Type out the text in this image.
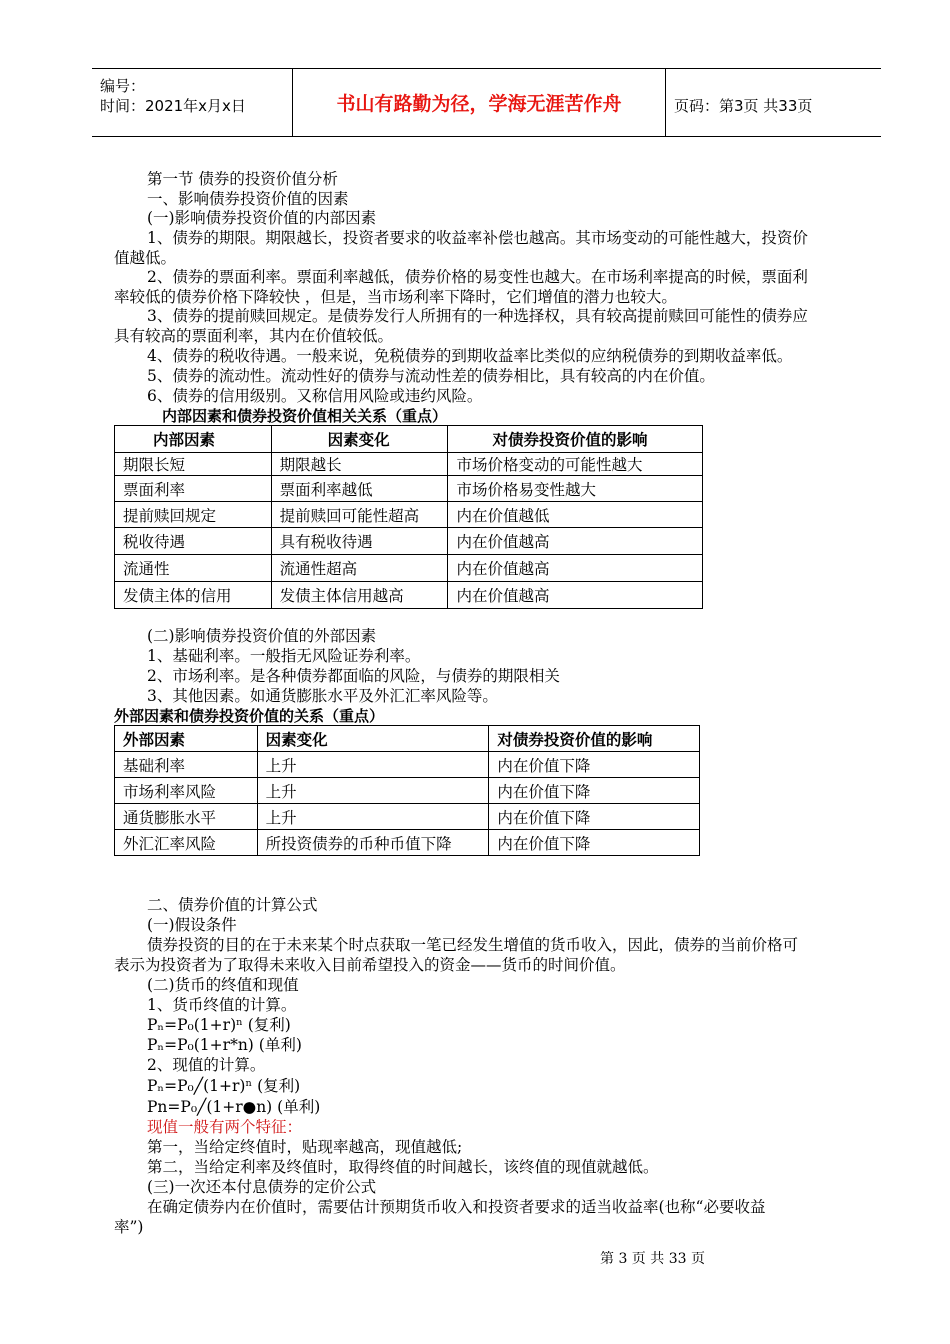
编号：
时间：2021年x月x日	书山有路勤为径，学海无涯苦作舟	页码：第3页 共33页
第一节 债券的投资价值分析
一、影响债券投资价值的因素
(一)影响债券投资价值的内部因素
1、债券的期限。期限越长，投资者要求的收益率补偿也越高。其市场变动的可能性越大，投资价
值越低。
2、债券的票面利率。票面利率越低，债券价格的易变性也越大。在市场利率提高的时候，票面利
率较低的债券价格下降较快 ，但是，当市场利率下降时，它们增值的潜力也较大。
3、债券的提前赎回规定。是债券发行人所拥有的一种选择权，具有较高提前赎回可能性的债券应
具有较高的票面利率，其内在价值较低。
4、债券的税收待遇。一般来说，免税债券的到期收益率比类似的应纳税债券的到期收益率低。
5、债券的流动性。流动性好的债券与流动性差的债券相比，具有较高的内在价值。
6、债券的信用级别。又称信用风险或违约风险。
内部因素和债券投资价值相关关系（重点）
内部因素	因素变化	对债券投资价值的影响
期限长短	期限越长	市场价格变动的可能性越大
票面利率	票面利率越低	市场价格易变性越大
提前赎回规定	提前赎回可能性超高	内在价值越低
税收待遇	具有税收待遇	内在价值越高
流通性	流通性超高	内在价值越高
发债主体的信用	发债主体信用越高	内在价值越高
(二)影响债券投资价值的外部因素
1、基础利率。一般指无风险证券利率。
2、市场利率。是各种债券都面临的风险，与债券的期限相关
3、其他因素。如通货膨胀水平及外汇汇率风险等。
外部因素和债券投资价值的关系（重点）
外部因素	因素变化	对债券投资价值的影响
基础利率	上升	内在价值下降
市场利率风险	上升	内在价值下降
通货膨胀水平	上升	内在价值下降
外汇汇率风险	所投资债券的币种币值下降	内在价值下降
二、债券价值的计算公式
(一)假设条件
债券投资的目的在于未来某个时点获取一笔已经发生增值的货币收入，因此，债券的当前价格可
表示为投资者为了取得未来收入目前希望投入的资金——货币的时间价值。
(二)货币的终值和现值
1、货币终值的计算。
Pₙ=P₀(1+r)ⁿ (复利)
Pₙ=P₀(1+r*n) (单利)
2、现值的计算。
Pₙ=P₀╱(1+r)ⁿ (复利)
Pn=P₀╱(1+r●n) (单利)
现值一般有两个特征：
第一，当给定终值时，贴现率越高，现值越低;
第二，当给定利率及终值时，取得终值的时间越长，该终值的现值就越低。
(三)一次还本付息债券的定价公式
在确定债券内在价值时，需要估计预期货币收入和投资者要求的适当收益率(也称“必要收益
率”)
第 3 页 共 33 页
